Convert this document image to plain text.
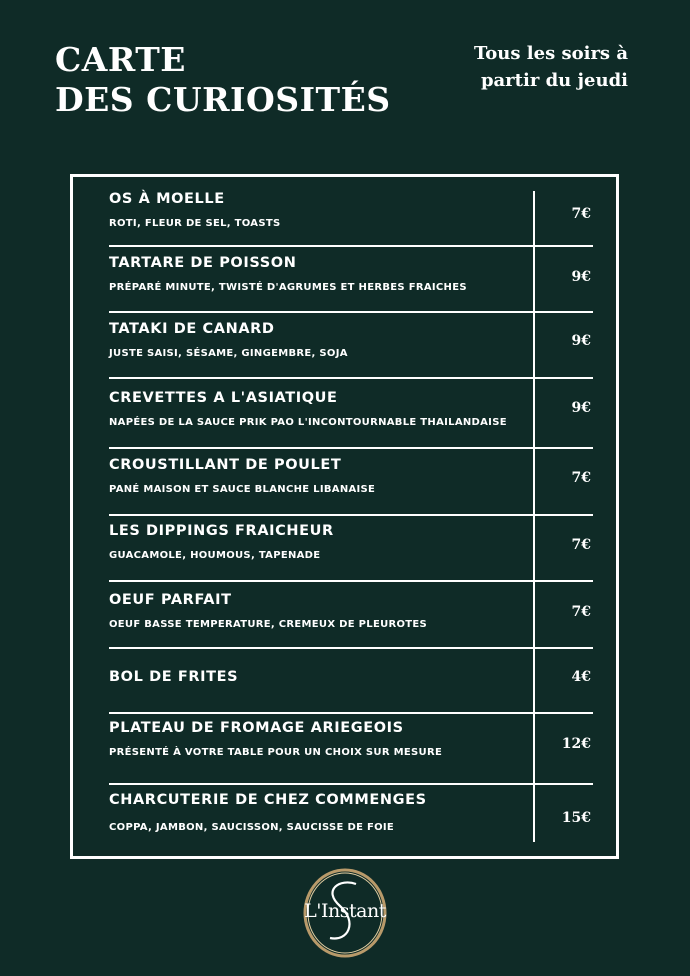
CARTE
DES CURIOSITÉS
Tous les soirs à
partir du jeudi
OS À MOELLE
ROTI, FLEUR DE SEL, TOASTS
7€
TARTARE DE POISSON
PRÉPARÉ MINUTE, TWISTÉ D'AGRUMES ET HERBES FRAICHES
9€
TATAKI DE CANARD
JUSTE SAISI, SÉSAME, GINGEMBRE, SOJA
9€
CREVETTES A L'ASIATIQUE
NAPÉES DE LA SAUCE PRIK PAO L'INCONTOURNABLE THAILANDAISE
9€
CROUSTILLANT DE POULET
PANÉ MAISON ET SAUCE BLANCHE LIBANAISE
7€
LES DIPPINGS FRAICHEUR
GUACAMOLE, HOUMOUS, TAPENADE
7€
OEUF PARFAIT
OEUF BASSE TEMPERATURE, CREMEUX DE PLEUROTES
7€
BOL DE FRITES	4€
PLATEAU DE FROMAGE ARIEGEOIS
PRÉSENTÉ À VOTRE TABLE POUR UN CHOIX SUR MESURE
12€
CHARCUTERIE DE CHEZ COMMENGES
COPPA, JAMBON, SAUCISSON, SAUCISSE DE FOIE
15€
L'Instant
